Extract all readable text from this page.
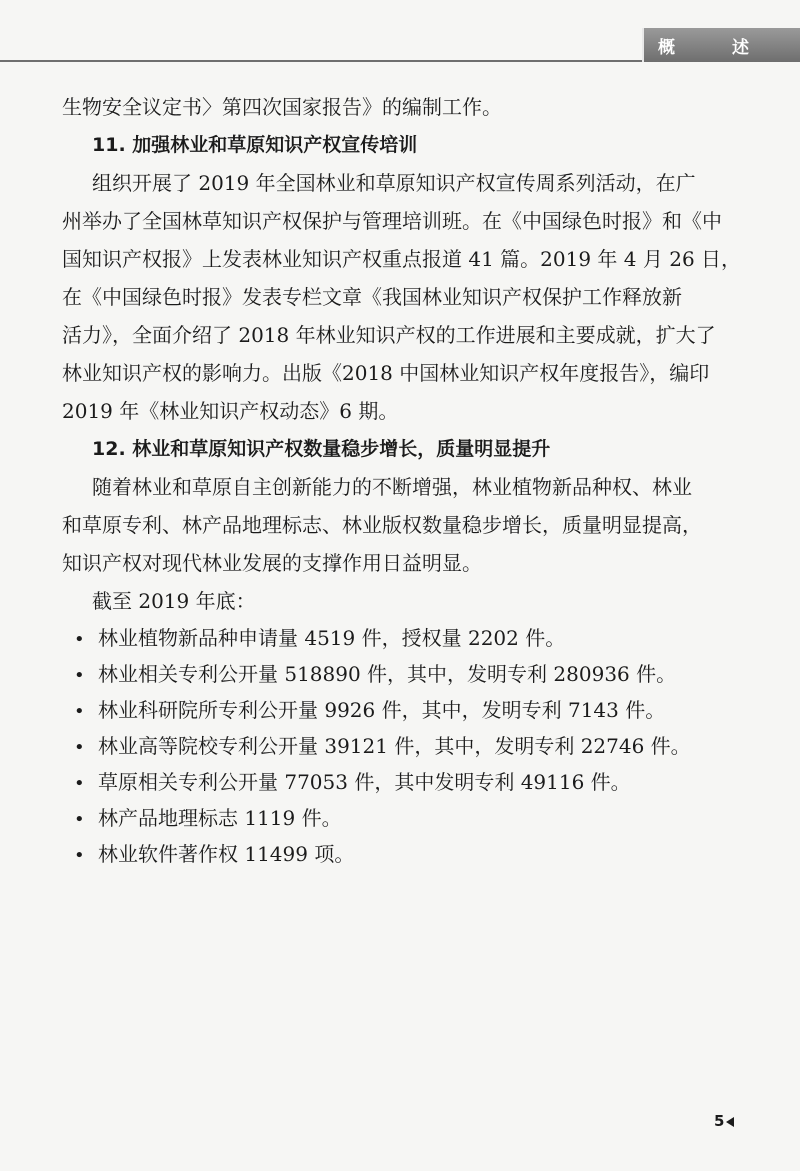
概　述
生物安全议定书〉第四次国家报告》的编制工作。
11. 加强林业和草原知识产权宣传培训
组织开展了 2019 年全国林业和草原知识产权宣传周系列活动，在广
州举办了全国林草知识产权保护与管理培训班。在《中国绿色时报》和《中
国知识产权报》上发表林业知识产权重点报道 41 篇。2019 年 4 月 26 日，
在《中国绿色时报》发表专栏文章《我国林业知识产权保护工作释放新
活力》，全面介绍了 2018 年林业知识产权的工作进展和主要成就，扩大了
林业知识产权的影响力。出版《2018 中国林业知识产权年度报告》，编印
2019 年《林业知识产权动态》6 期。
12. 林业和草原知识产权数量稳步增长，质量明显提升
随着林业和草原自主创新能力的不断增强，林业植物新品种权、林业
和草原专利、林产品地理标志、林业版权数量稳步增长，质量明显提高，
知识产权对现代林业发展的支撑作用日益明显。
截至 2019 年底：
• 林业植物新品种申请量 4519 件，授权量 2202 件。
• 林业相关专利公开量 518890 件，其中，发明专利 280936 件。
• 林业科研院所专利公开量 9926 件，其中，发明专利 7143 件。
• 林业高等院校专利公开量 39121 件，其中，发明专利 22746 件。
• 草原相关专利公开量 77053 件，其中发明专利 49116 件。
• 林产品地理标志 1119 件。
• 林业软件著作权 11499 项。
5
